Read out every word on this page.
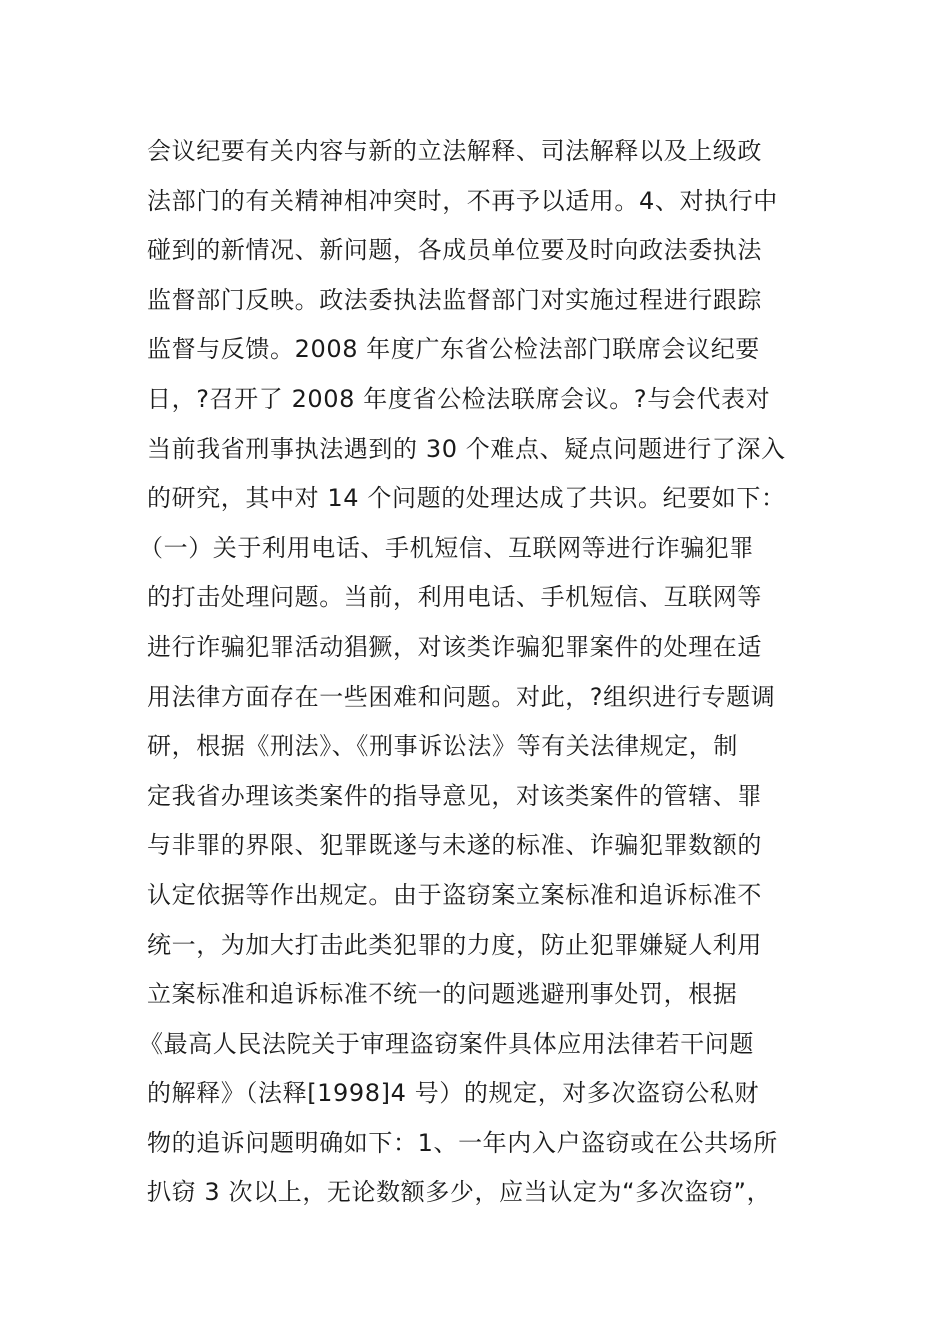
会议纪要有关内容与新的立法解释、司法解释以及上级政
法部门的有关精神相冲突时，不再予以适用。4、对执行中
碰到的新情况、新问题，各成员单位要及时向政法委执法
监督部门反映。政法委执法监督部门对实施过程进行跟踪
监督与反馈。2008 年度广东省公检法部门联席会议纪要
日，?召开了 2008 年度省公检法联席会议。?与会代表对
当前我省刑事执法遇到的 30 个难点、疑点问题进行了深入
的研究，其中对 14 个问题的处理达成了共识。纪要如下：
（一）关于利用电话、手机短信、互联网等进行诈骗犯罪
的打击处理问题。当前，利用电话、手机短信、互联网等
进行诈骗犯罪活动猖獗，对该类诈骗犯罪案件的处理在适
用法律方面存在一些困难和问题。对此，?组织进行专题调
研，根据《刑法》、《刑事诉讼法》等有关法律规定，制
定我省办理该类案件的指导意见，对该类案件的管辖、罪
与非罪的界限、犯罪既遂与未遂的标准、诈骗犯罪数额的
认定依据等作出规定。由于盗窃案立案标准和追诉标准不
统一，为加大打击此类犯罪的力度，防止犯罪嫌疑人利用
立案标准和追诉标准不统一的问题逃避刑事处罚，根据
《最高人民法院关于审理盗窃案件具体应用法律若干问题
的解释》（法释[1998]4 号）的规定，对多次盗窃公私财
物的追诉问题明确如下：1、一年内入户盗窃或在公共场所
扒窃 3 次以上，无论数额多少，应当认定为“多次盗窃”，
